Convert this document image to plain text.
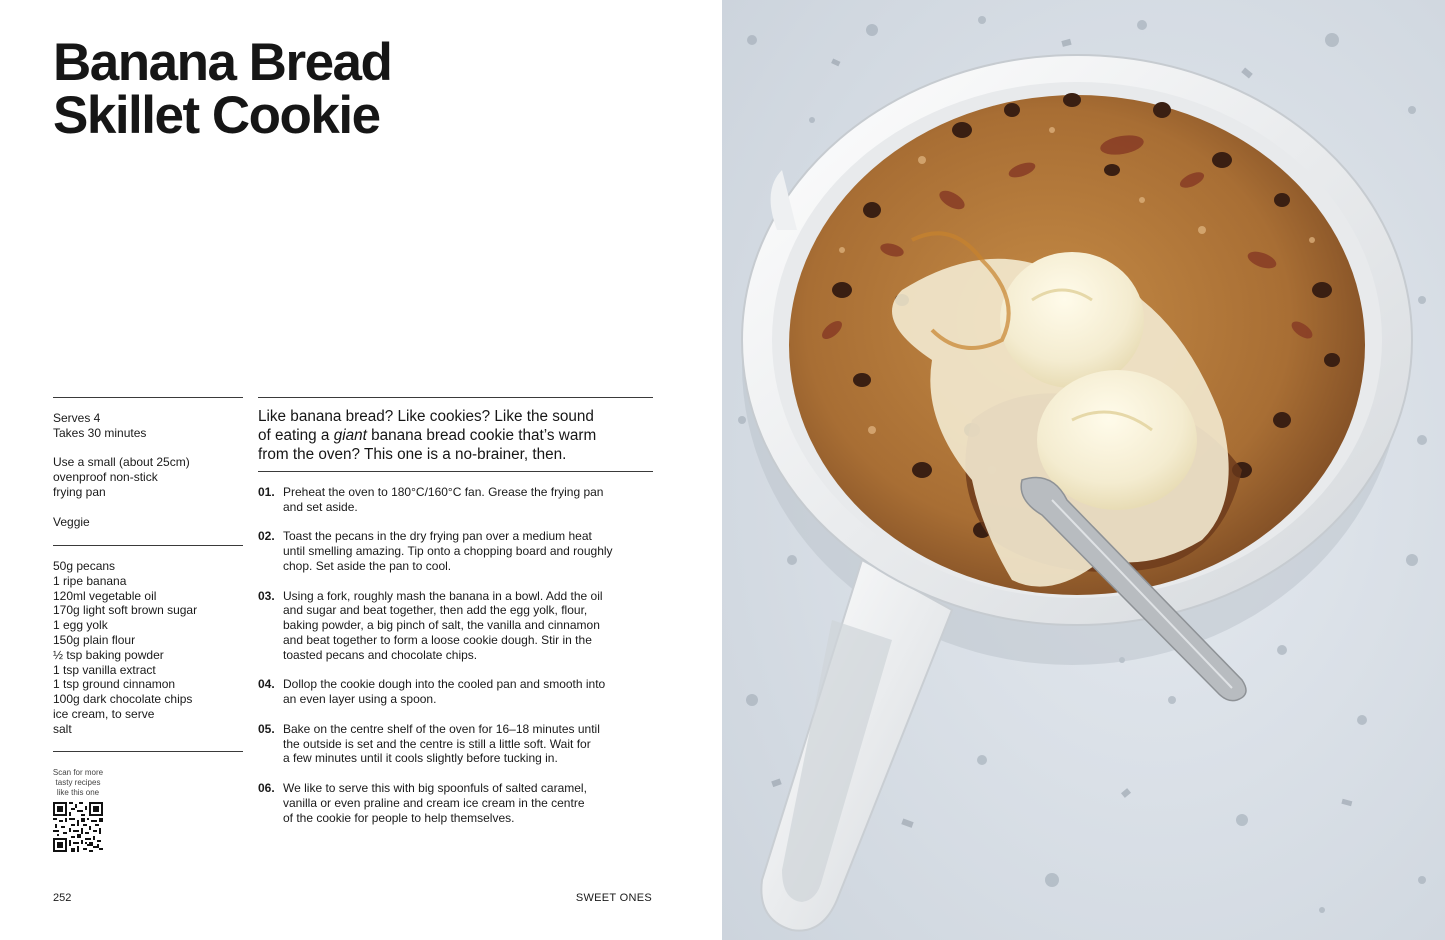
Banana Bread
Skillet Cookie
Serves 4
Takes 30 minutes
Use a small (about 25cm)
ovenproof non-stick
frying pan
Veggie
50g pecans
1 ripe banana
120ml vegetable oil
170g light soft brown sugar
1 egg yolk
150g plain flour
½ tsp baking powder
1 tsp vanilla extract
1 tsp ground cinnamon
100g dark chocolate chips
ice cream, to serve
salt
Scan for more
tasty recipes
like this one
Like banana bread? Like cookies? Like the sound
of eating a giant banana bread cookie that’s warm
from the oven? This one is a no-brainer, then.
01. Preheat the oven to 180°C/160°C fan. Grease the frying pan
and set aside.
02. Toast the pecans in the dry frying pan over a medium heat
until smelling amazing. Tip onto a chopping board and roughly
chop. Set aside the pan to cool.
03. Using a fork, roughly mash the banana in a bowl. Add the oil
and sugar and beat together, then add the egg yolk, flour,
baking powder, a big pinch of salt, the vanilla and cinnamon
and beat together to form a loose cookie dough. Stir in the
toasted pecans and chocolate chips.
04. Dollop the cookie dough into the cooled pan and smooth into
an even layer using a spoon.
05. Bake on the centre shelf of the oven for 16–18 minutes until
the outside is set and the centre is still a little soft. Wait for
a few minutes until it cools slightly before tucking in.
06. We like to serve this with big spoonfuls of salted caramel,
vanilla or even praline and cream ice cream in the centre
of the cookie for people to help themselves.
252	SWEET ONES
